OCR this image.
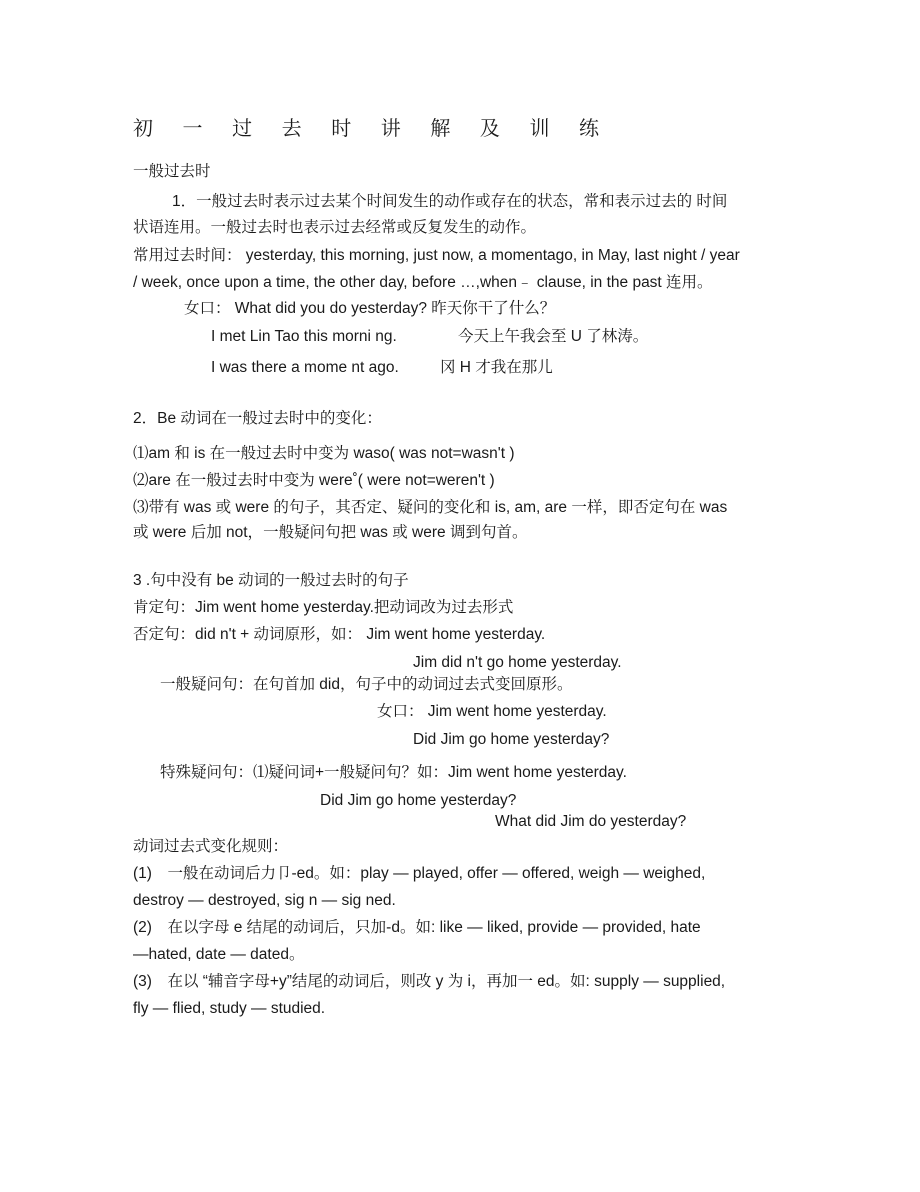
初 一 过 去 时 讲 解 及 训 练
一般过去时
1．一般过去时表示过去某个时间发生的动作或存在的状态，常和表示过去的 时间
状语连用。一般过去时也表示过去经常或反复发生的动作。
常用过去时间： yesterday, this morning, just now, a momentago, in May, last night / year
/ week, once upon a time, the other day, before …,when﹣ clause, in the past 连用。
女口： What did you do yesterday? 昨天你干了什么？
I met Lin Tao this morni ng.	今天上午我会至 U 了林涛。
I was there a mome nt ago.	冈 H 才我在那儿
2．Be 动词在一般过去时中的变化：
⑴am 和 is 在一般过去时中变为 waso( was not=wasn't )
⑵are 在一般过去时中变为 were˚( were not=weren't )
⑶带有 was 或 were 的句子，其否定、疑问的变化和 is, am, are 一样，即否定句在 was
或 were 后加 not，一般疑问句把 was 或 were 调到句首。
3 .句中没有 be 动词的一般过去时的句子
肯定句：Jim went home yesterday.把动词改为过去形式
否定句：did n't + 动词原形，如： Jim went home yesterday.
Jim did n't go home yesterday.
一般疑问句：在句首加 did，句子中的动词过去式变回原形。
女口： Jim went home yesterday.
Did Jim go home yesterday?
特殊疑问句：⑴疑问词+一般疑问句？如：Jim went home yesterday.
Did Jim go home yesterday?
What did Jim do yesterday?
动词过去式变化规则：
(1)　一般在动词后力卩-ed。如：play — played, offer — offered, weigh — weighed,
destroy — destroyed, sig n — sig ned.
(2)　在以字母 e 结尾的动词后，只加-d。如: like — liked, provide — provided, hate
—hated, date — dated。
(3)　在以 “辅音字母+y”结尾的动词后，则改 y 为 i，再加一 ed。如: supply — supplied,
fly — flied, study — studied.
